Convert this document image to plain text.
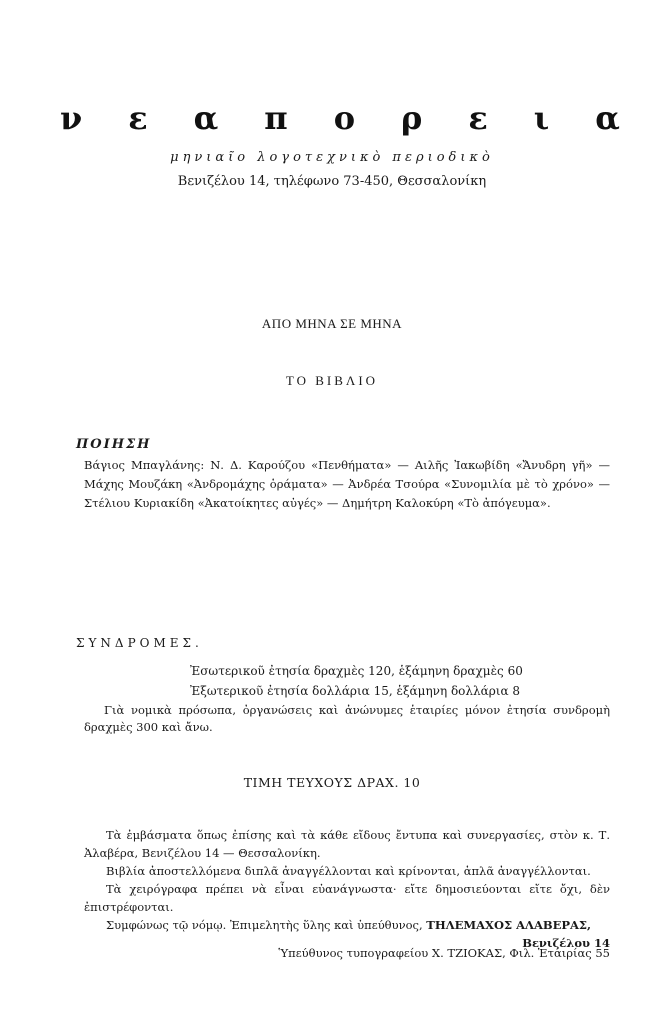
ν ε α π ο ρ ε ι α
μηνιαῖο λογοτεχνικὸ περιοδικὸ
Βενιζέλου 14, τηλέφωνο 73-450, Θεσσαλονίκη
ΑΠΟ ΜΗΝΑ ΣΕ ΜΗΝΑ
ΤΟ ΒΙΒΛΙΟ
ΠΟΙΗΣΗ

Βάγιος Μπαγλάνης: Ν. Δ. Καρούζου «Πενθήματα» — Αιλῆς Ἰακωβίδη «Ἄνυδρη γῆ» — Μάχης Μουζάκη «Ἀνδρομάχης ὁράματα» — Ἀνδρέα Τσούρα «Συνομιλία μὲ τὸ χρόνο» — Στέλιου Κυριακίδη «Ἀκατοίκητες αὐγές» — Δημήτρη Καλοκύρη «Τὸ ἀπόγευμα».

ΣΥΝΔΡΟΜΕΣ.
Ἐσωτερικοῦ ἐτησία δραχμὲς 120, ἑξάμηνη δραχμὲς 60
Ἐξωτερικοῦ ἐτησία δολλάρια 15, ἑξάμηνη δολλάρια 8

Γιὰ νομικὰ πρόσωπα, ὀργανώσεις καὶ ἀνώνυμες ἑταιρίες μόνον ἐτησία συνδρομὴ δραχμὲς 300 καὶ ἄνω.

ΤΙΜΗ ΤΕΥΧΟΥΣ ΔΡΑΧ. 10

Τὰ ἐμβάσματα ὅπως ἐπίσης καὶ τὰ κάθε εἴδους ἔντυπα καὶ συνεργασίες, στὸν κ. Τ. Ἀλαβέρα, Βενιζέλου 14 — Θεσσαλονίκη.

Βιβλία ἀποστελλόμενα διπλᾶ ἀναγγέλλονται καὶ κρίνονται, ἁπλᾶ ἀναγγέλλονται.

Τὰ χειρόγραφα πρέπει νὰ εἶναι εὐανάγνωστα· εἴτε δημοσιεύονται εἴτε ὄχι, δὲν ἐπιστρέφονται.

Συμφώνως τῷ νόμῳ. Ἐπιμελητὴς ὕλης καὶ ὑπεύθυνος, ΤΗΛΕΜΑΧΟΣ ΑΛΑΒΕΡΑΣ,

Βενιζέλου 14

Ὑπεύθυνος τυπογραφείου Χ. ΤΖΙΟΚΑΣ, Φιλ. Ἑταιρίας 55
